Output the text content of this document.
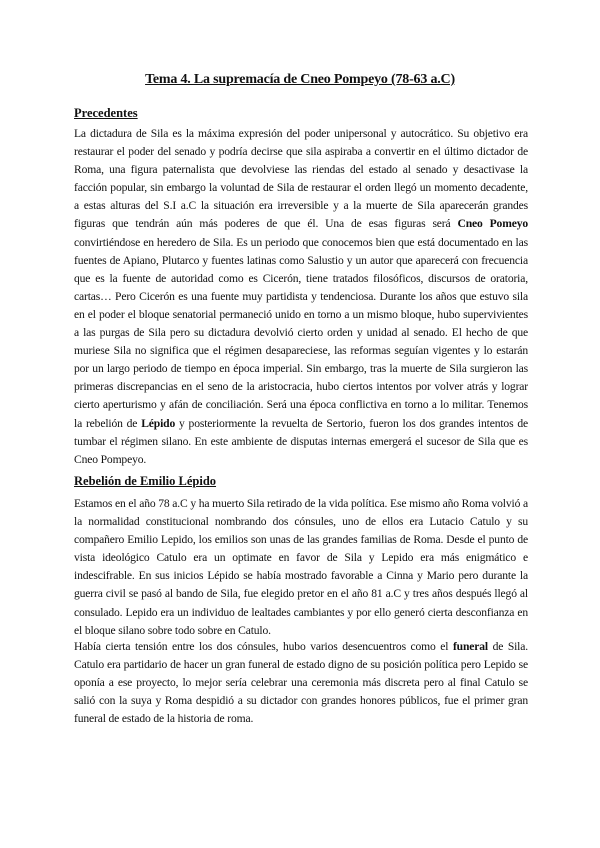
Tema 4. La supremacía de Cneo Pompeyo (78-63 a.C)
Precedentes

La dictadura de Sila es la máxima expresión del poder unipersonal y autocrático. Su objetivo era restaurar el poder del senado y podría decirse que sila aspiraba a convertir en el último dictador de Roma, una figura paternalista que devolviese las riendas del estado al senado y desactivase la facción popular, sin embargo la voluntad de Sila de restaurar el orden llegó un momento decadente, a estas alturas del S.I a.C la situación era irreversible y a la muerte de Sila aparecerán grandes figuras que tendrán aún más poderes de que él. Una de esas figuras será Cneo Pomeyo convirtiéndose en heredero de Sila. Es un periodo que conocemos bien que está documentado en las fuentes de Apiano, Plutarco y fuentes latinas como Salustio y un autor que aparecerá con frecuencia que es la fuente de autoridad como es Cicerón, tiene tratados filosóficos, discursos de oratoria, cartas… Pero Cicerón es una fuente muy partidista y tendenciosa. Durante los años que estuvo sila en el poder el bloque senatorial permaneció unido en torno a un mismo bloque, hubo supervivientes a las purgas de Sila pero su dictadura devolvió cierto orden y unidad al senado. El hecho de que muriese Sila no significa que el régimen desapareciese, las reformas seguían vigentes y lo estarán por un largo periodo de tiempo en época imperial. Sin embargo, tras la muerte de Sila surgieron las primeras discrepancias en el seno de la aristocracia, hubo ciertos intentos por volver atrás y lograr cierto aperturismo y afán de conciliación. Será una época conflictiva en torno a lo militar. Tenemos la rebelión de Lépido y posteriormente la revuelta de Sertorio, fueron los dos grandes intentos de tumbar el régimen silano. En este ambiente de disputas internas emergerá el sucesor de Sila que es Cneo Pompeyo.

Rebelión de Emilio Lépido

Estamos en el año 78 a.C y ha muerto Sila retirado de la vida política. Ese mismo año Roma volvió a la normalidad constitucional nombrando dos cónsules, uno de ellos era Lutacio Catulo y su compañero Emilio Lepido, los emilios son unas de las grandes familias de Roma. Desde el punto de vista ideológico Catulo era un optimate en favor de Sila y Lepido era más enigmático e indescifrable. En sus inicios Lépido se había mostrado favorable a Cinna y Mario pero durante la guerra civil se pasó al bando de Sila, fue elegido pretor en el año 81 a.C y tres años después llegó al consulado. Lepido era un individuo de lealtades cambiantes y por ello generó cierta desconfianza en el bloque silano sobre todo sobre en Catulo.

Había cierta tensión entre los dos cónsules, hubo varios desencuentros como el funeral de Sila. Catulo era partidario de hacer un gran funeral de estado digno de su posición política pero Lepido se oponía a ese proyecto, lo mejor sería celebrar una ceremonia más discreta pero al final Catulo se salió con la suya y Roma despidió a su dictador con grandes honores públicos, fue el primer gran funeral de estado de la historia de roma.
